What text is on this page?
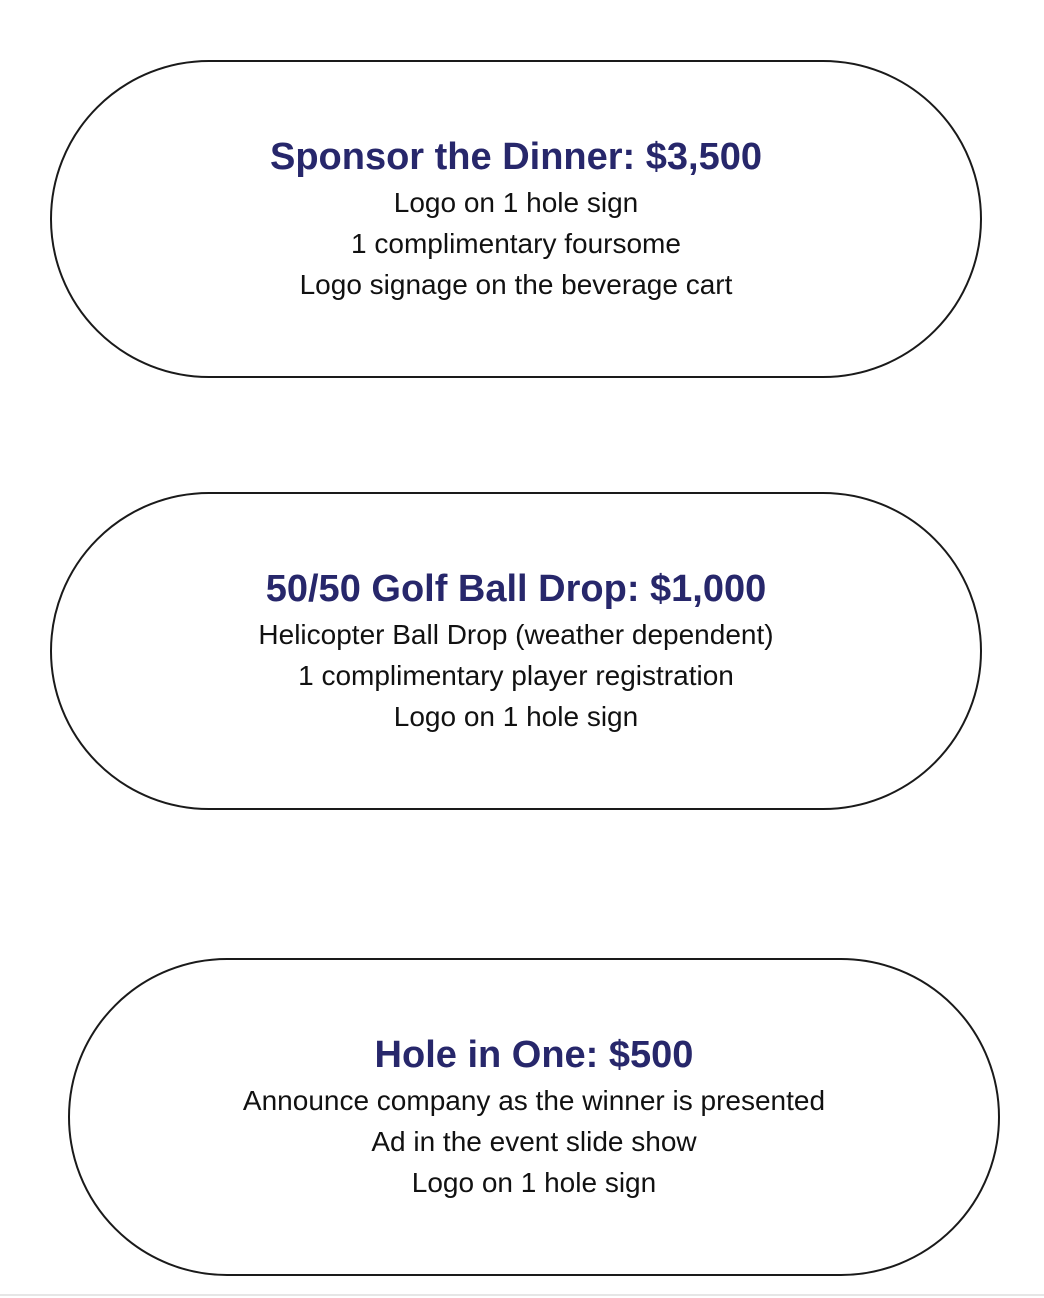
Sponsor the Dinner: $3,500
Logo on 1 hole sign
1 complimentary foursome
Logo signage on the beverage cart
50/50 Golf Ball Drop: $1,000
Helicopter Ball Drop (weather dependent)
1 complimentary player registration
Logo on 1 hole sign
Hole in One: $500
Announce company as the winner is presented
Ad in the event slide show
Logo on 1 hole sign
